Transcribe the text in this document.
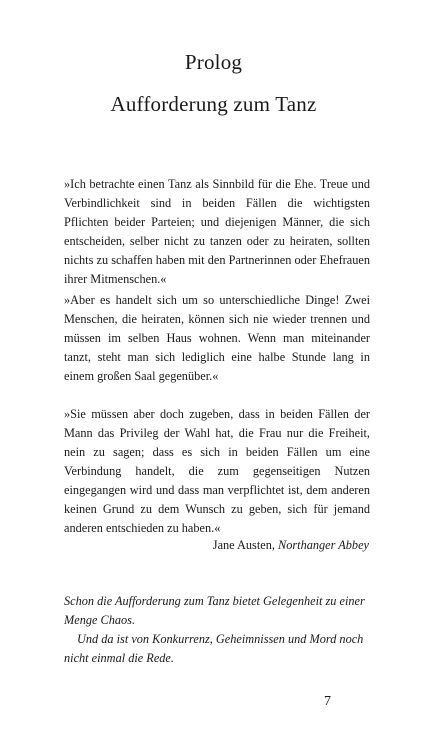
Prolog
Aufforderung zum Tanz

»Ich betrachte einen Tanz als Sinnbild für die Ehe. Treue und Verbindlichkeit sind in beiden Fällen die wichtigsten Pflichten beider Parteien; und diejenigen Männer, die sich entscheiden, selber nicht zu tanzen oder zu heiraten, sollten nichts zu schaffen haben mit den Partnerinnen oder Ehefrauen ihrer Mitmenschen.«

»Aber es handelt sich um so unterschiedliche Dinge! Zwei Menschen, die heiraten, können sich nie wieder trennen und müssen im selben Haus wohnen. Wenn man miteinander tanzt, steht man sich lediglich eine halbe Stunde lang in einem großen Saal gegenüber.«

»Sie müssen aber doch zugeben, dass in beiden Fällen der Mann das Privileg der Wahl hat, die Frau nur die Freiheit, nein zu sagen; dass es sich in beiden Fällen um eine Verbindung handelt, die zum gegenseitigen Nutzen eingegangen wird und dass man verpflichtet ist, dem anderen keinen Grund zu dem Wunsch zu geben, sich für jemand anderen entschieden zu haben.«

Jane Austen, Northanger Abbey

Schon die Aufforderung zum Tanz bietet Gelegenheit zu einer Menge Chaos.

Und da ist von Konkurrenz, Geheimnissen und Mord noch nicht einmal die Rede.

7
